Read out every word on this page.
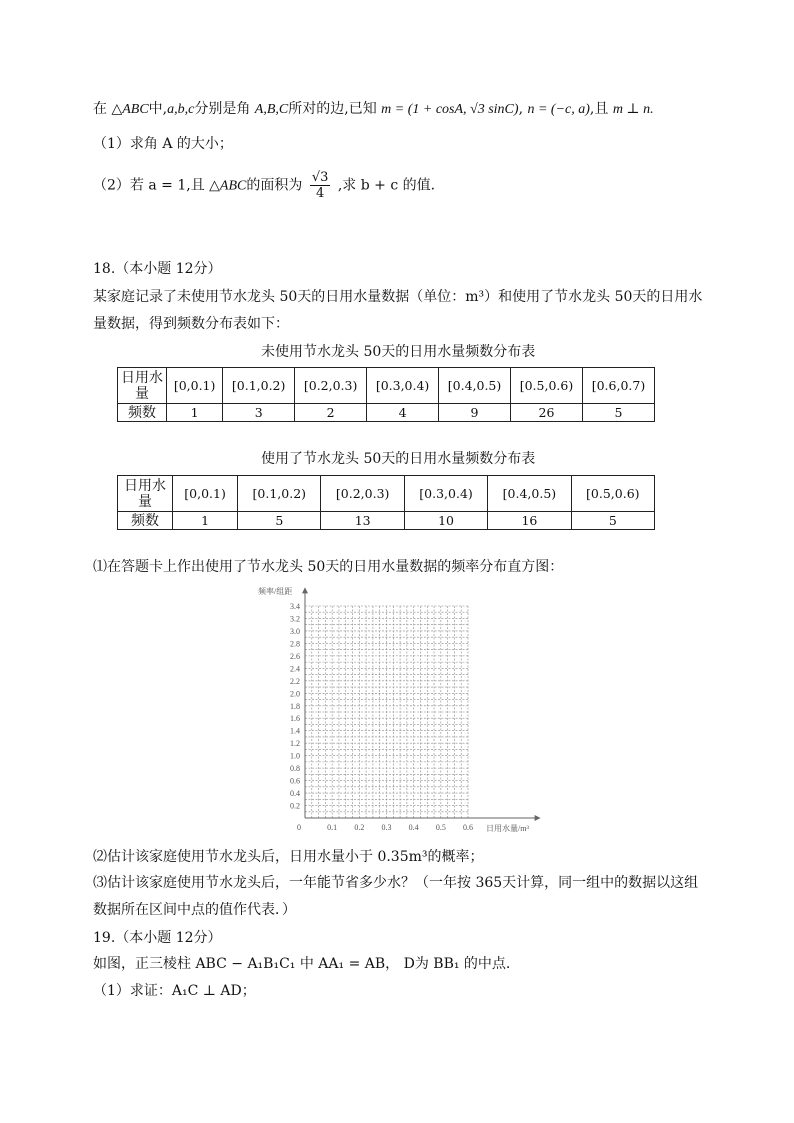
在 △ABC中,a,b,c分别是角 A,B,C所对的边,已知 m = (1 + cosA, √3 sinC), n = (−c, a),且 m ⊥ n.
（1）求角 A 的大小；
（2）若 a = 1,且 △ABC的面积为 $\frac{√3}{4}$ ,求 b + c 的值.
18.（本小题 12分）
某家庭记录了未使用节水龙头 50天的日用水量数据（单位：m³）和使用了节水龙头 50天的日用水
量数据，得到频数分布表如下：
未使用节水龙头 50天的日用水量频数分布表
日用水量	[0,0.1)	[0.1,0.2)	[0.2,0.3)	[0.3,0.4)	[0.4,0.5)	[0.5,0.6)	[0.6,0.7)
频数	1	3	2	4	9	26	5
使用了节水龙头 50天的日用水量频数分布表
日用水量	[0,0.1)	[0.1,0.2)	[0.2,0.3)	[0.3,0.4)	[0.4,0.5)	[0.5,0.6)
频数	1	5	13	10	16	5
⑴在答题卡上作出使用了节水龙头 50天的日用水量数据的频率分布直方图：
3.4
3.2
3.0
2.8
2.6
2.4
2.2
2.0
1.8
1.6
1.4
1.2
1.0
0.8
0.6
0.4
0.2
0	0.1 0.2 0.3 0.4 0.5 0.6
频率/组距
日用水量/m³
⑵估计该家庭使用节水龙头后，日用水量小于 0.35m³的概率；
⑶估计该家庭使用节水龙头后，一年能节省多少水？（一年按 365天计算，同一组中的数据以这组
数据所在区间中点的值作代表．）
19.（本小题 12分）
如图，正三棱柱 ABC − A₁B₁C₁ 中 AA₁ = AB， D为 BB₁ 的中点.
（1）求证：A₁C ⊥ AD；
